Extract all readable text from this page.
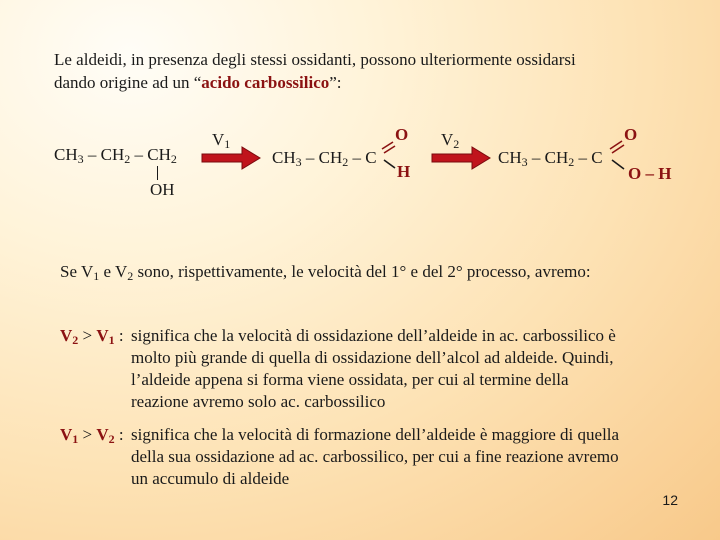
Le aldeidi, in presenza degli stessi ossidanti, possono ulteriormente ossidarsi
dando origine ad un “acido carbossilico”:
$CH_3 - CH_2 - CH_2$
OH
$V_1$
→ $CH_3 - CH_2$ – C
O
H
$V_2$
→ $CH_3 - CH_2$ – C
O
O – H
Se $V_1$ e $V_2$ sono, rispettivamente, le velocità del 1° e del 2° processo, avremo:
$V_2 > V_1$ : significa che la velocità di ossidazione dell’aldeide in ac. carbossilico è
molto più grande di quella di ossidazione dell’alcol ad aldeide. Quindi,
l’aldeide appena si forma viene ossidata, per cui al termine della
reazione avremo solo ac. carbossilico
$V_1 > V_2$ : significa che la velocità di formazione dell’aldeide è maggiore di quella
della sua ossidazione ad ac. carbossilico, per cui a fine reazione avremo
un accumulo di aldeide
12
